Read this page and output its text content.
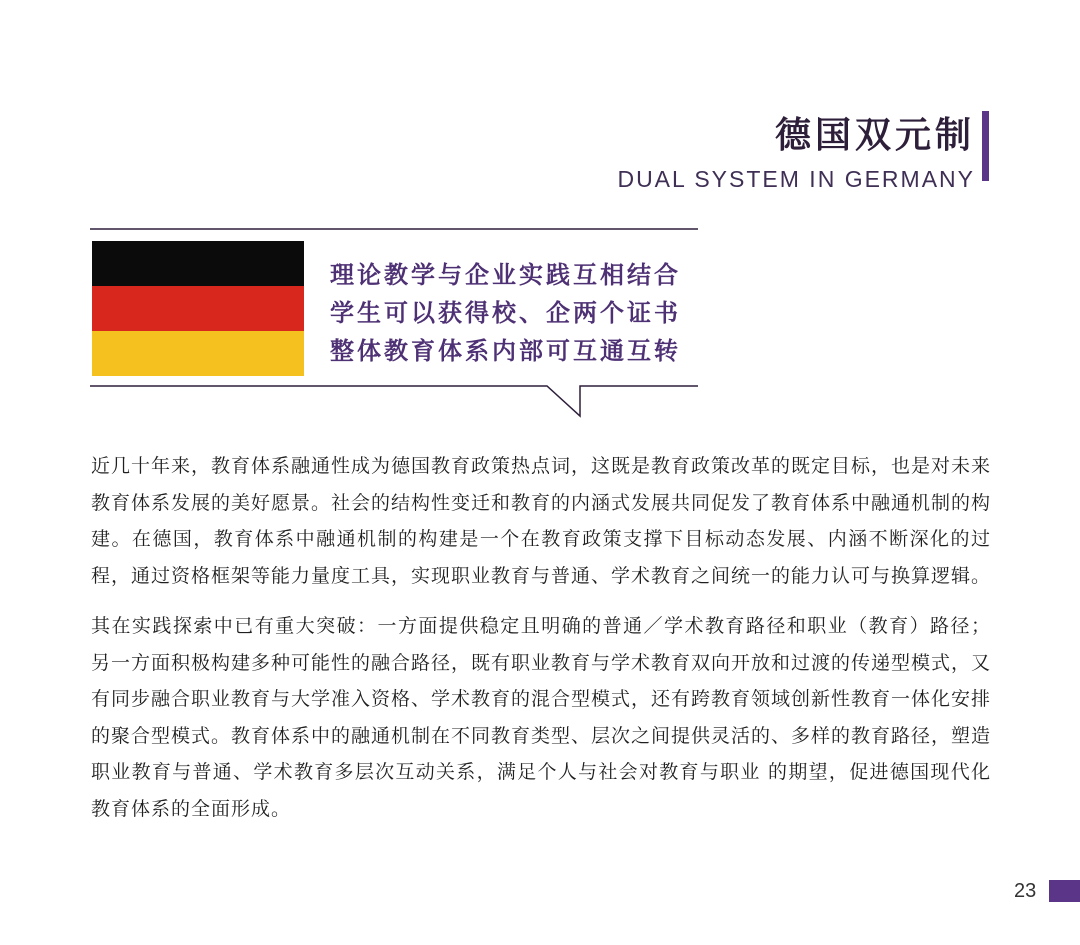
德国双元制
DUAL SYSTEM IN GERMANY
理论教学与企业实践互相结合
学生可以获得校、企两个证书
整体教育体系内部可互通互转

近几十年来，教育体系融通性成为德国教育政策热点词，这既是教育政策改革的既定目标，也是对未来教育体系发展的美好愿景。社会的结构性变迁和教育的内涵式发展共同促发了教育体系中融通机制的构建。在德国，教育体系中融通机制的构建是一个在教育政策支撑下目标动态发展、内涵不断深化的过程，通过资格框架等能力量度工具，实现职业教育与普通、学术教育之间统一的能力认可与换算逻辑。

其在实践探索中已有重大突破：一方面提供稳定且明确的普通／学术教育路径和职业（教育）路径； 另一方面积极构建多种可能性的融合路径，既有职业教育与学术教育双向开放和过渡的传递型模式，又有同步融合职业教育与大学准入资格、学术教育的混合型模式，还有跨教育领域创新性教育一体化安排的聚合型模式。教育体系中的融通机制在不同教育类型、层次之间提供灵活的、多样的教育路径，塑造职业教育与普通、学术教育多层次互动关系，满足个人与社会对教育与职业 的期望，促进德国现代化教育体系的全面形成。

23
